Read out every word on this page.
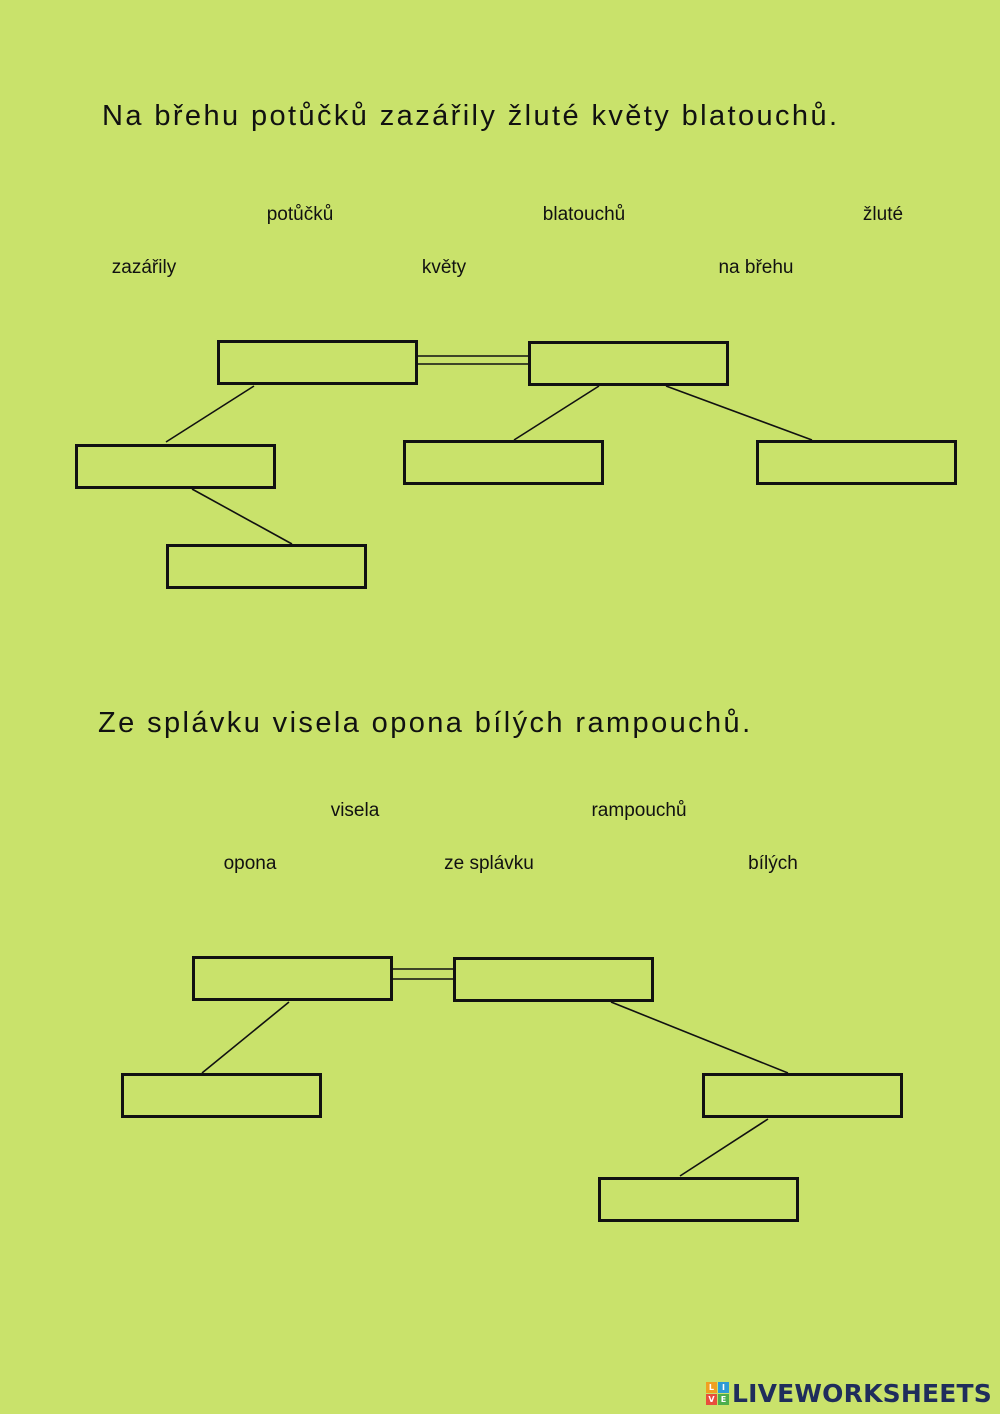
Na břehu potůčků zazářily žluté květy blatouchů.
potůčků	blatouchů	žluté
zazářily	květy	na břehu
Ze splávku visela opona bílých rampouchů.
visela	rampouchů
opona	ze splávku	bílých
L I
V E LIVEWORKSHEETS
